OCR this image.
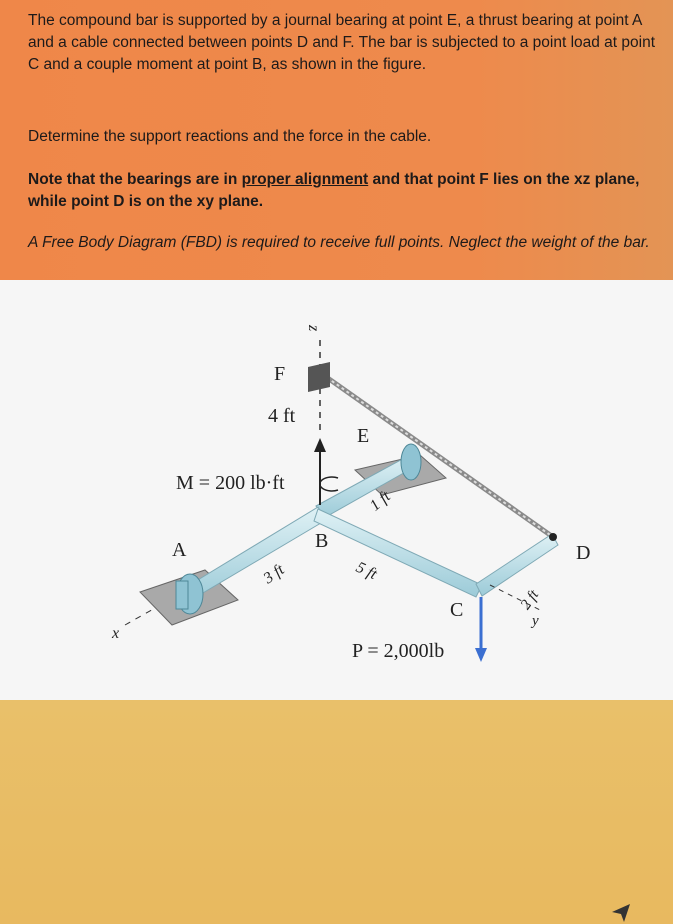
The compound bar is supported by a journal bearing at point E, a thrust bearing at point A and a cable connected between points D and F. The bar is subjected to a point load at point C and a couple moment at point B, as shown in the figure.

Determine the support reactions and the force in the cable.

Note that the bearings are in proper alignment and that point F lies on the xz plane, while point D is on the xy plane.

A Free Body Diagram (FBD) is required to receive full points. Neglect the weight of the bar.

z
F
4 ft
E
M = 200 lb·ft
1 ft
A	B
3 ft	5 ft
D
C	2 ft
y
x
P = 2,000lb
